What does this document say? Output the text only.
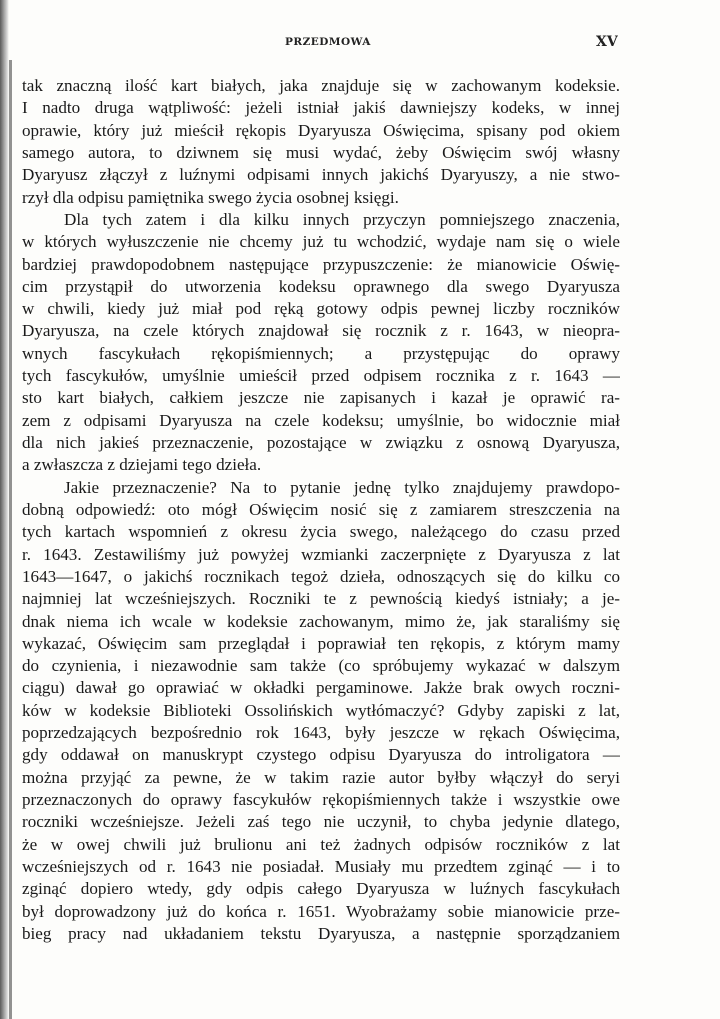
PRZEDMOWA	XV
tak znaczną ilość kart białych, jaka znajduje się w zachowanym kodeksie.
I nadto druga wątpliwość: jeżeli istniał jakiś dawniejszy kodeks, w innej
oprawie, który już mieścił rękopis Dyaryusza Oświęcima, spisany pod okiem
samego autora, to dziwnem się musi wydać, żeby Oświęcim swój własny
Dyaryusz złączył z luźnymi odpisami innych jakichś Dyaryuszy, a nie stwo-
rzył dla odpisu pamiętnika swego życia osobnej księgi.
Dla tych zatem i dla kilku innych przyczyn pomniejszego znaczenia,
w których wyłuszczenie nie chcemy już tu wchodzić, wydaje nam się o wiele
bardziej prawdopodobnem następujące przypuszczenie: że mianowicie Oświę-
cim przystąpił do utworzenia kodeksu oprawnego dla swego Dyaryusza
w chwili, kiedy już miał pod ręką gotowy odpis pewnej liczby roczników
Dyaryusza, na czele których znajdował się rocznik z r. 1643, w nieopra-
wnych fascykułach rękopiśmiennych; a przystępując do oprawy
tych fascykułów, umyślnie umieścił przed odpisem rocznika z r. 1643 —
sto kart białych, całkiem jeszcze nie zapisanych i kazał je oprawić ra-
zem z odpisami Dyaryusza na czele kodeksu; umyślnie, bo widocznie miał
dla nich jakieś przeznaczenie, pozostające w związku z osnową Dyaryusza,
a zwłaszcza z dziejami tego dzieła.
Jakie przeznaczenie? Na to pytanie jednę tylko znajdujemy prawdopo-
dobną odpowiedź: oto mógł Oświęcim nosić się z zamiarem streszczenia na
tych kartach wspomnień z okresu życia swego, należącego do czasu przed
r. 1643. Zestawiliśmy już powyżej wzmianki zaczerpnięte z Dyaryusza z lat
1643—1647, o jakichś rocznikach tegoż dzieła, odnoszących się do kilku co
najmniej lat wcześniejszych. Roczniki te z pewnością kiedyś istniały; a je-
dnak niema ich wcale w kodeksie zachowanym, mimo że, jak staraliśmy się
wykazać, Oświęcim sam przeglądał i poprawiał ten rękopis, z którym mamy
do czynienia, i niezawodnie sam także (co spróbujemy wykazać w dalszym
ciągu) dawał go oprawiać w okładki pergaminowe. Jakże brak owych roczni-
ków w kodeksie Biblioteki Ossolińskich wytłómaczyć? Gdyby zapiski z lat,
poprzedzających bezpośrednio rok 1643, były jeszcze w rękach Oświęcima,
gdy oddawał on manuskrypt czystego odpisu Dyaryusza do introligatora —
można przyjąć za pewne, że w takim razie autor byłby włączył do seryi
przeznaczonych do oprawy fascykułów rękopiśmiennych także i wszystkie owe
roczniki wcześniejsze. Jeżeli zaś tego nie uczynił, to chyba jedynie dlatego,
że w owej chwili już brulionu ani też żadnych odpisów roczników z lat
wcześniejszych od r. 1643 nie posiadał. Musiały mu przedtem zginąć — i to
zginąć dopiero wtedy, gdy odpis całego Dyaryusza w luźnych fascykułach
był doprowadzony już do końca r. 1651. Wyobrażamy sobie mianowicie prze-
bieg pracy nad układaniem tekstu Dyaryusza, a następnie sporządzaniem
